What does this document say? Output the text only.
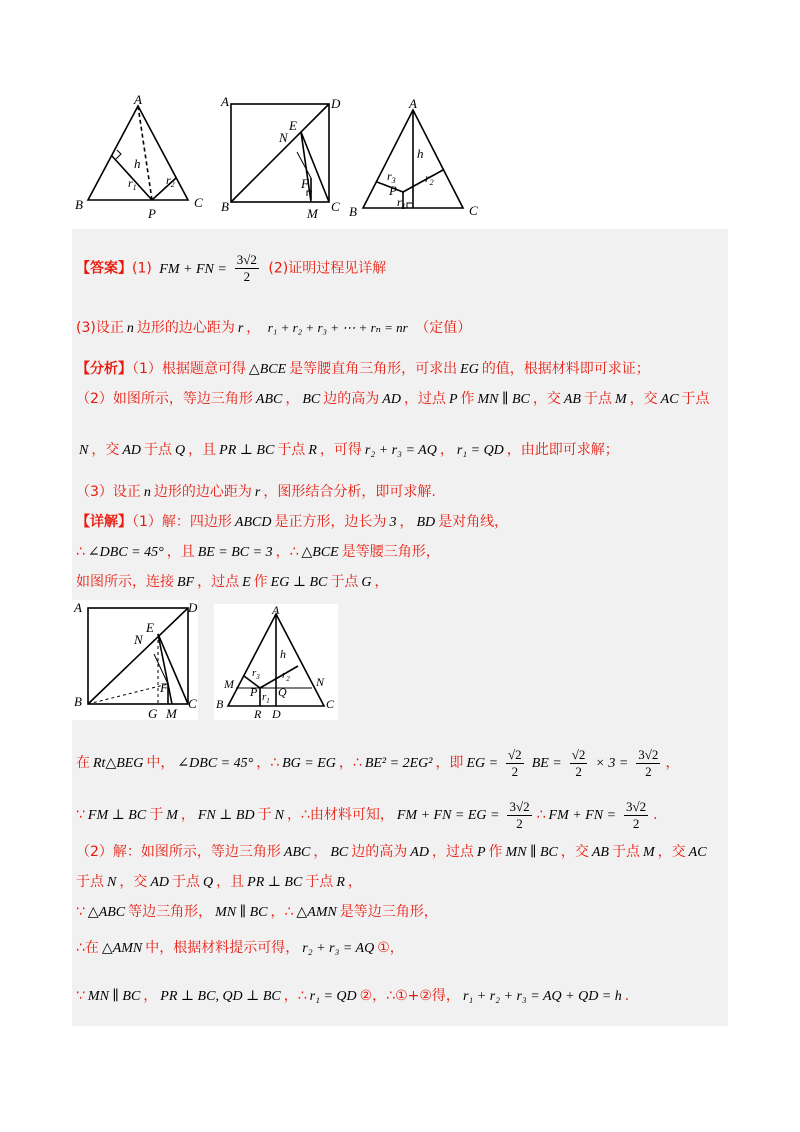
A
B	C
P
h
$r_1$
$r_2$
A	D
B	C
E
N
F
M
A
B	C
P
h
$r_1$
$r_2$
$r_3$
【答案】(1) FM + FN = $\frac{3√2}{2} (2)$证明过程见详解
(3)设正 n 边形的边心距为 r ， r₁ + r₂ + r₃ + ⋯ + rₙ = nr （定值）
【分析】（1）根据题意可得 △BCE 是等腰直角三角形，可求出 EG 的值，根据材料即可求证；
（2）如图所示，等边三角形 ABC ， BC 边的高为 AD ，过点 P 作 MN ∥ BC ，交 AB 于点 M ，交 AC 于点
N ，交 AD 于点 Q ，且 PR ⊥ BC 于点 R ，可得 r₂ + r₃ = AQ ， r₁ = QD ，由此即可求解；
（3）设正 n 边形的边心距为 r ，图形结合分析，即可求解.
【详解】（1）解：四边形 ABCD 是正方形，边长为 3 ， BD 是对角线，
∴ ∠DBC = 45° ，且 BE = BC = 3 ，∴ △BCE 是等腰三角形，
如图所示，连接 BF ，过点 E 作 EG ⊥ BC 于点 G ，
A	D
B	C
E
N
F
G M
A
B	C
M	N
P Q
R D
h
$r_1$
$r_2$
$r_3$
在 Rt△BEG 中， ∠DBC = 45° ，∴ BG = EG ，∴ BE² = 2EG² ，即 EG = $\frac{√2}{2}$ BE = $\frac{√2}{2} \times 3 = \frac{3√2}{2}$ ，
∵ FM ⊥ BC 于 M ， FN ⊥ BD 于 N ，∴由材料可知， FM + FN = EG = $\frac{3√2}{2}$ ∴ FM + FN = $\frac{3√2}{2}$ .
（2）解：如图所示，等边三角形 ABC ， BC 边的高为 AD ，过点 P 作 MN ∥ BC ，交 AB 于点 M ，交 AC
于点 N ，交 AD 于点 Q ，且 PR ⊥ BC 于点 R ，
∵ △ABC 等边三角形， MN ∥ BC ，∴ △AMN 是等边三角形，
∴在 △AMN 中，根据材料提示可得， r₂ + r₃ = AQ ①，
∵ MN ∥ BC ， PR ⊥ BC, QD ⊥ BC ，∴ r₁ = QD ②，∴①+②得， r₁ + r₂ + r₃ = AQ + QD = h .
